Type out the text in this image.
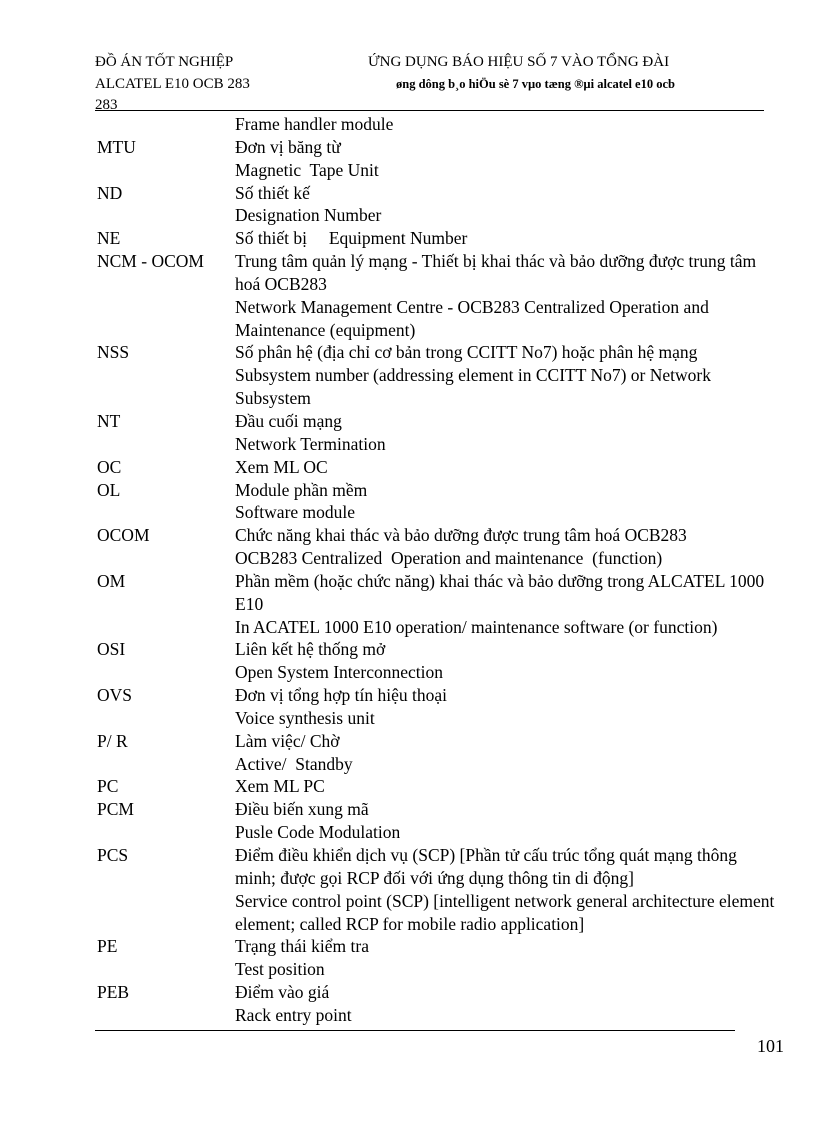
ĐỒ ÁN TỐT NGHIỆP
ALCATEL E10 OCB 283
283
ỨNG DỤNG BÁO HIỆU SỐ 7 VÀO TỔNG ĐÀI
øng dông b¸o hiÖu sè 7 vµo tæng ®µi alcatel e10 ocb
Frame handler module
MTU	Đơn vị băng từ
Magnetic  Tape Unit
ND	Số thiết kế
Designation Number
NE	Số thiết bị     Equipment Number
NCM - OCOM	Trung tâm quản lý mạng - Thiết bị khai thác và bảo dưỡng được trung tâm hoá OCB283
Network Management Centre - OCB283 Centralized Operation and Maintenance (equipment)
NSS	Số phân hệ (địa chỉ cơ bản trong CCITT No7) hoặc phân hệ mạng
Subsystem number (addressing element in CCITT No7) or Network Subsystem
NT	Đầu cuối mạng
Network Termination
OC	Xem ML OC
OL	Module phần mềm
Software module
OCOM	Chức năng khai thác và bảo dưỡng được trung tâm hoá OCB283
OCB283 Centralized  Operation and maintenance  (function)
OM	Phần mềm (hoặc chức năng) khai thác và bảo dưỡng trong ALCATEL 1000 E10
In ACATEL 1000 E10 operation/ maintenance software (or function)
OSI	Liên kết hệ thống mở
Open System Interconnection
OVS	Đơn vị tổng hợp tín hiệu thoại
Voice synthesis unit
P/ R	Làm việc/ Chờ
Active/  Standby
PC	Xem ML PC
PCM	Điều biến xung mã
Pusle Code Modulation
PCS	Điểm điều khiển dịch vụ (SCP) [Phần tử cấu trúc tổng quát mạng thông minh; được gọi RCP đối với ứng dụng thông tin di động]
Service control point (SCP) [intelligent network general architecture element element; called RCP for mobile radio application]
PE	Trạng thái kiểm tra
Test position
PEB	Điểm vào giá
Rack entry point
101
